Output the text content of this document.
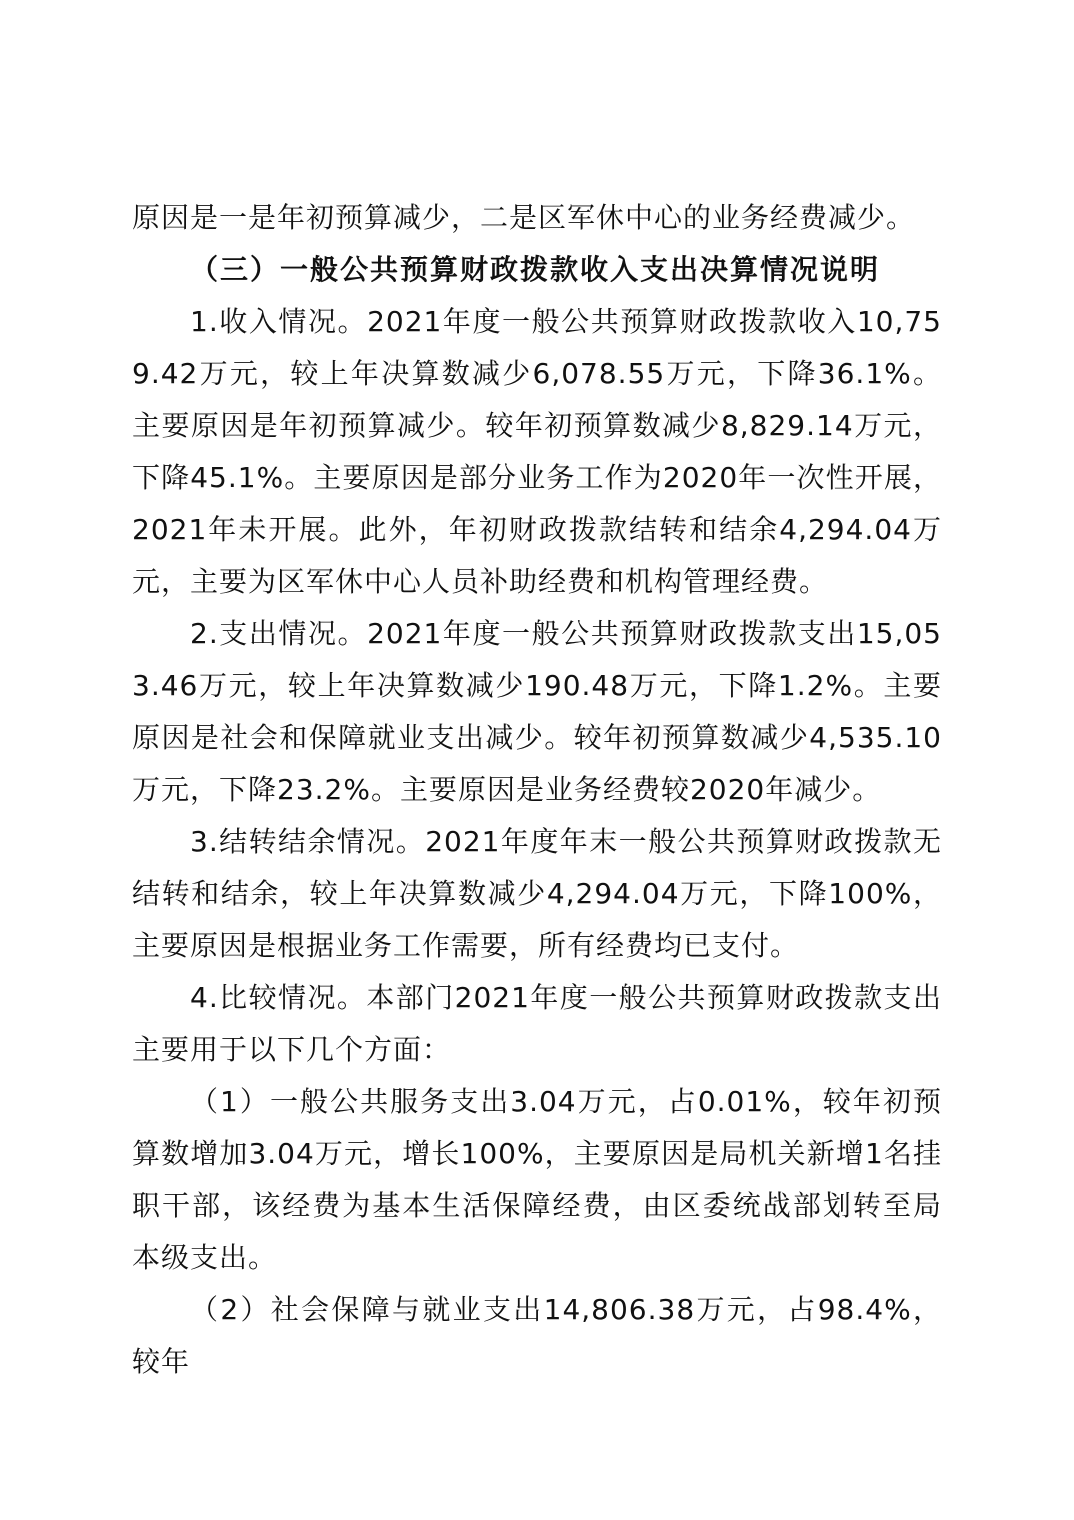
原因是一是年初预算减少，二是区军休中心的业务经费减少。

（三）一般公共预算财政拨款收入支出决算情况说明

1.收入情况。2021年度一般公共预算财政拨款收入10,759.42万元，较上年决算数减少6,078.55万元，下降36.1%。主要原因是年初预算减少。较年初预算数减少8,829.14万元，下降45.1%。主要原因是部分业务工作为2020年一次性开展，2021年未开展。此外，年初财政拨款结转和结余4,294.04万元，主要为区军休中心人员补助经费和机构管理经费。

2.支出情况。2021年度一般公共预算财政拨款支出15,053.46万元，较上年决算数减少190.48万元，下降1.2%。主要原因是社会和保障就业支出减少。较年初预算数减少4,535.10万元，下降23.2%。主要原因是业务经费较2020年减少。

3.结转结余情况。2021年度年末一般公共预算财政拨款无结转和结余，较上年决算数减少4,294.04万元，下降100%，主要原因是根据业务工作需要，所有经费均已支付。

4.比较情况。本部门2021年度一般公共预算财政拨款支出主要用于以下几个方面：

（1）一般公共服务支出3.04万元，占0.01%，较年初预算数增加3.04万元，增长100%，主要原因是局机关新增1名挂职干部，该经费为基本生活保障经费，由区委统战部划转至局本级支出。

（2）社会保障与就业支出14,806.38万元，占98.4%，较年
